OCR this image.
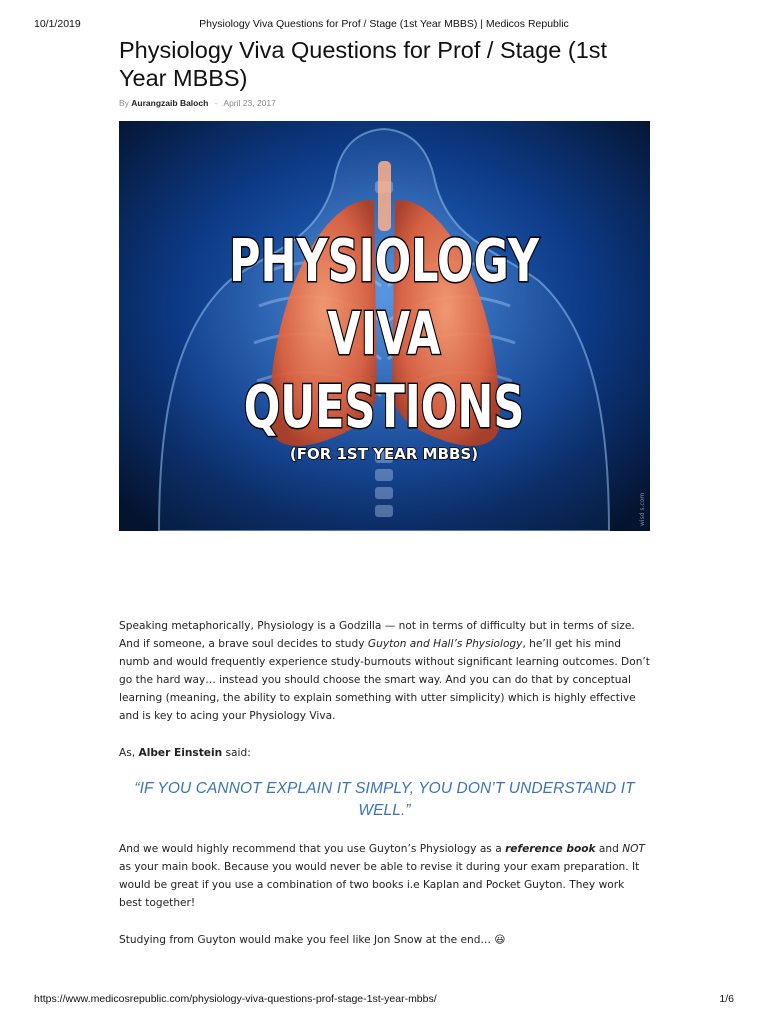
10/1/2019	Physiology Viva Questions for Prof / Stage (1st Year MBBS) | Medicos Republic
Physiology Viva Questions for Prof / Stage (1st Year MBBS)
By Aurangzaib Baloch - April 23, 2017
PHYSIOLOGY
VIVA
QUESTIONS
(FOR 1ST YEAR MBBS)
wisd s.com

Speaking metaphorically, Physiology is a Godzilla — not in terms of difficulty but in terms of size. And if someone, a brave soul decides to study Guyton and Hall’s Physiology, he’ll get his mind numb and would frequently experience study-burnouts without significant learning outcomes. Don’t go the hard way… instead you should choose the smart way. And you can do that by conceptual learning (meaning, the ability to explain something with utter simplicity) which is highly effective and is key to acing your Physiology Viva.

As, Alber Einstein said:

“IF YOU CANNOT EXPLAIN IT SIMPLY, YOU DON’T UNDERSTAND IT WELL.”

And we would highly recommend that you use Guyton’s Physiology as a reference book and NOT as your main book. Because you would never be able to revise it during your exam preparation. It would be great if you use a combination of two books i.e Kaplan and Pocket Guyton. They work best together!

Studying from Guyton would make you feel like Jon Snow at the end… 😃

https://www.medicosrepublic.com/physiology-viva-questions-prof-stage-1st-year-mbbs/	1/6
